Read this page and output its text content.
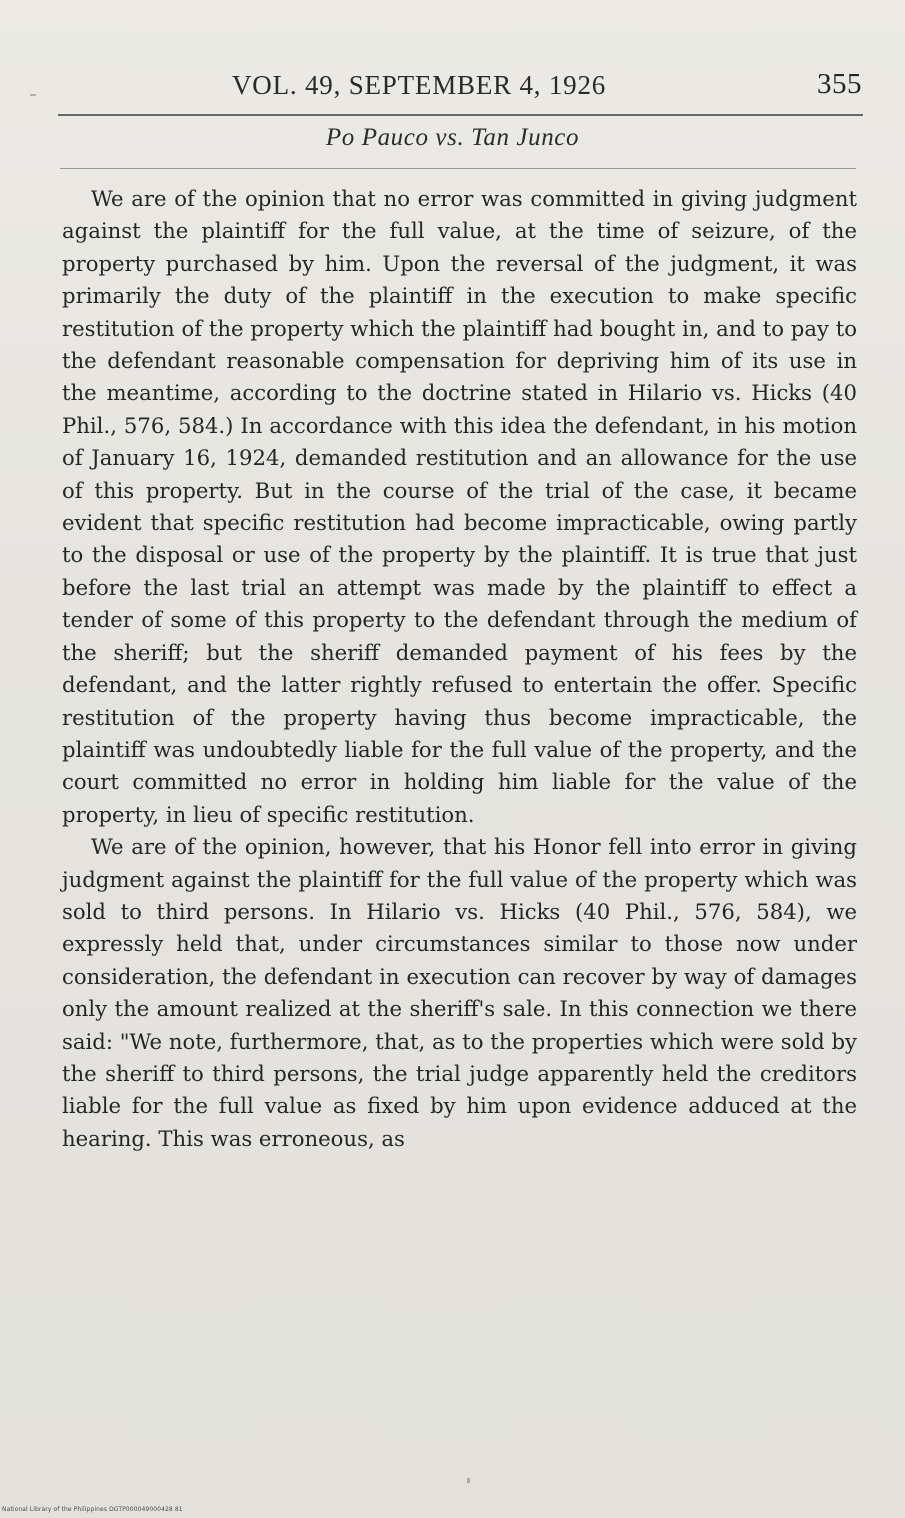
VOL. 49, SEPTEMBER 4, 1926	355
Po Pauco vs. Tan Junco

We are of the opinion that no error was committed in giving judgment against the plaintiff for the full value, at the time of seizure, of the property purchased by him. Upon the reversal of the judgment, it was primarily the duty of the plaintiff in the execution to make specific restitution of the property which the plaintiff had bought in, and to pay to the defendant reasonable compensation for depriving him of its use in the meantime, according to the doctrine stated in Hilario vs. Hicks (40 Phil., 576, 584.) In accordance with this idea the defendant, in his motion of January 16, 1924, demanded restitution and an allowance for the use of this property. But in the course of the trial of the case, it became evident that specific restitution had become impracticable, owing partly to the disposal or use of the property by the plaintiff. It is true that just before the last trial an attempt was made by the plaintiff to effect a tender of some of this property to the defendant through the medium of the sheriff; but the sheriff demanded payment of his fees by the defendant, and the latter rightly refused to entertain the offer. Specific restitution of the property having thus become impracticable, the plaintiff was undoubtedly liable for the full value of the property, and the court committed no error in holding him liable for the value of the property, in lieu of specific restitution.

We are of the opinion, however, that his Honor fell into error in giving judgment against the plaintiff for the full value of the property which was sold to third persons. In Hilario vs. Hicks (40 Phil., 576, 584), we expressly held that, under circumstances similar to those now under consideration, the defendant in execution can recover by way of damages only the amount realized at the sheriff's sale. In this connection we there said: "We note, furthermore, that, as to the properties which were sold by the sheriff to third persons, the trial judge apparently held the creditors liable for the full value as fixed by him upon evidence adduced at the hearing. This was erroneous, as

National Library of the Philippines DGTP000049000428 81
